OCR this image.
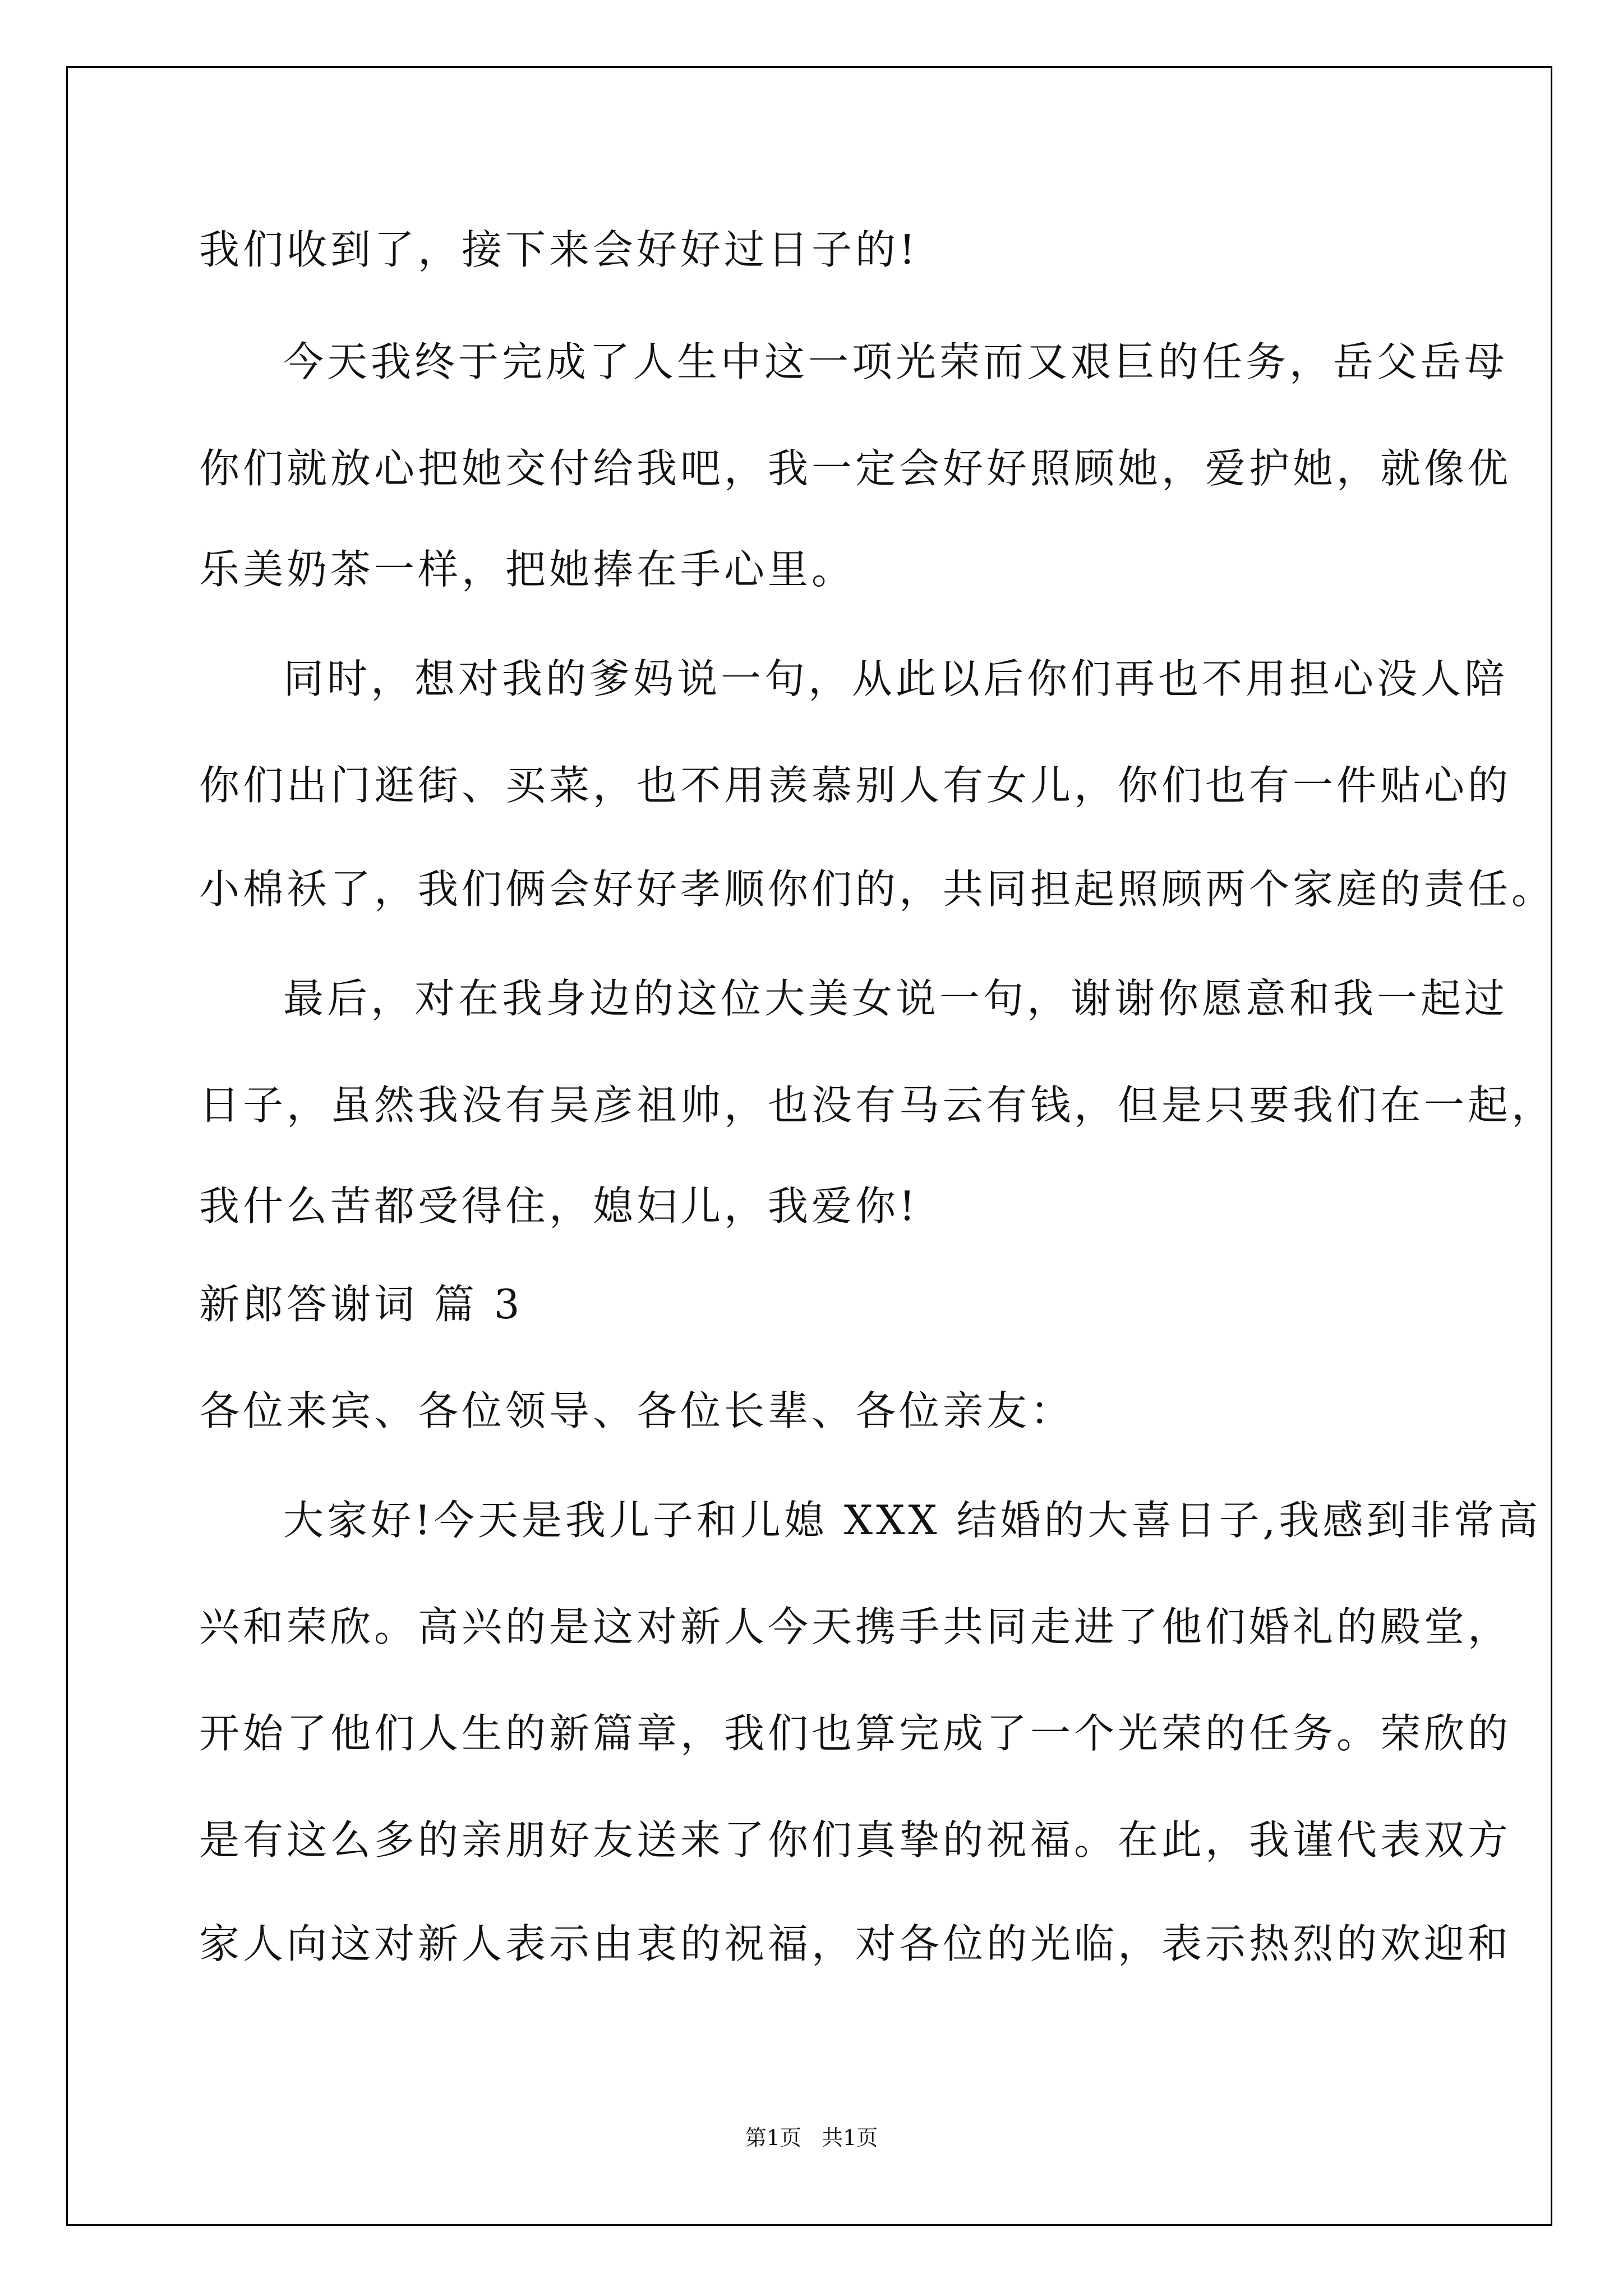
我们收到了，接下来会好好过日子的!
今天我终于完成了人生中这一项光荣而又艰巨的任务，岳父岳母
你们就放心把她交付给我吧，我一定会好好照顾她，爱护她，就像优
乐美奶茶一样，把她捧在手心里。
同时，想对我的爹妈说一句，从此以后你们再也不用担心没人陪
你们出门逛街、买菜，也不用羡慕别人有女儿，你们也有一件贴心的
小棉袄了，我们俩会好好孝顺你们的，共同担起照顾两个家庭的责任。
最后，对在我身边的这位大美女说一句，谢谢你愿意和我一起过
日子，虽然我没有吴彦祖帅，也没有马云有钱，但是只要我们在一起，
我什么苦都受得住，媳妇儿，我爱你!
新郎答谢词 篇 3
各位来宾、各位领导、各位长辈、各位亲友：
大家好!今天是我儿子和儿媳 XXX 结婚的大喜日子,我感到非常高
兴和荣欣。高兴的是这对新人今天携手共同走进了他们婚礼的殿堂，
开始了他们人生的新篇章，我们也算完成了一个光荣的任务。荣欣的
是有这么多的亲朋好友送来了你们真挚的祝福。在此，我谨代表双方
家人向这对新人表示由衷的祝福，对各位的光临，表示热烈的欢迎和
第1页   共1页
